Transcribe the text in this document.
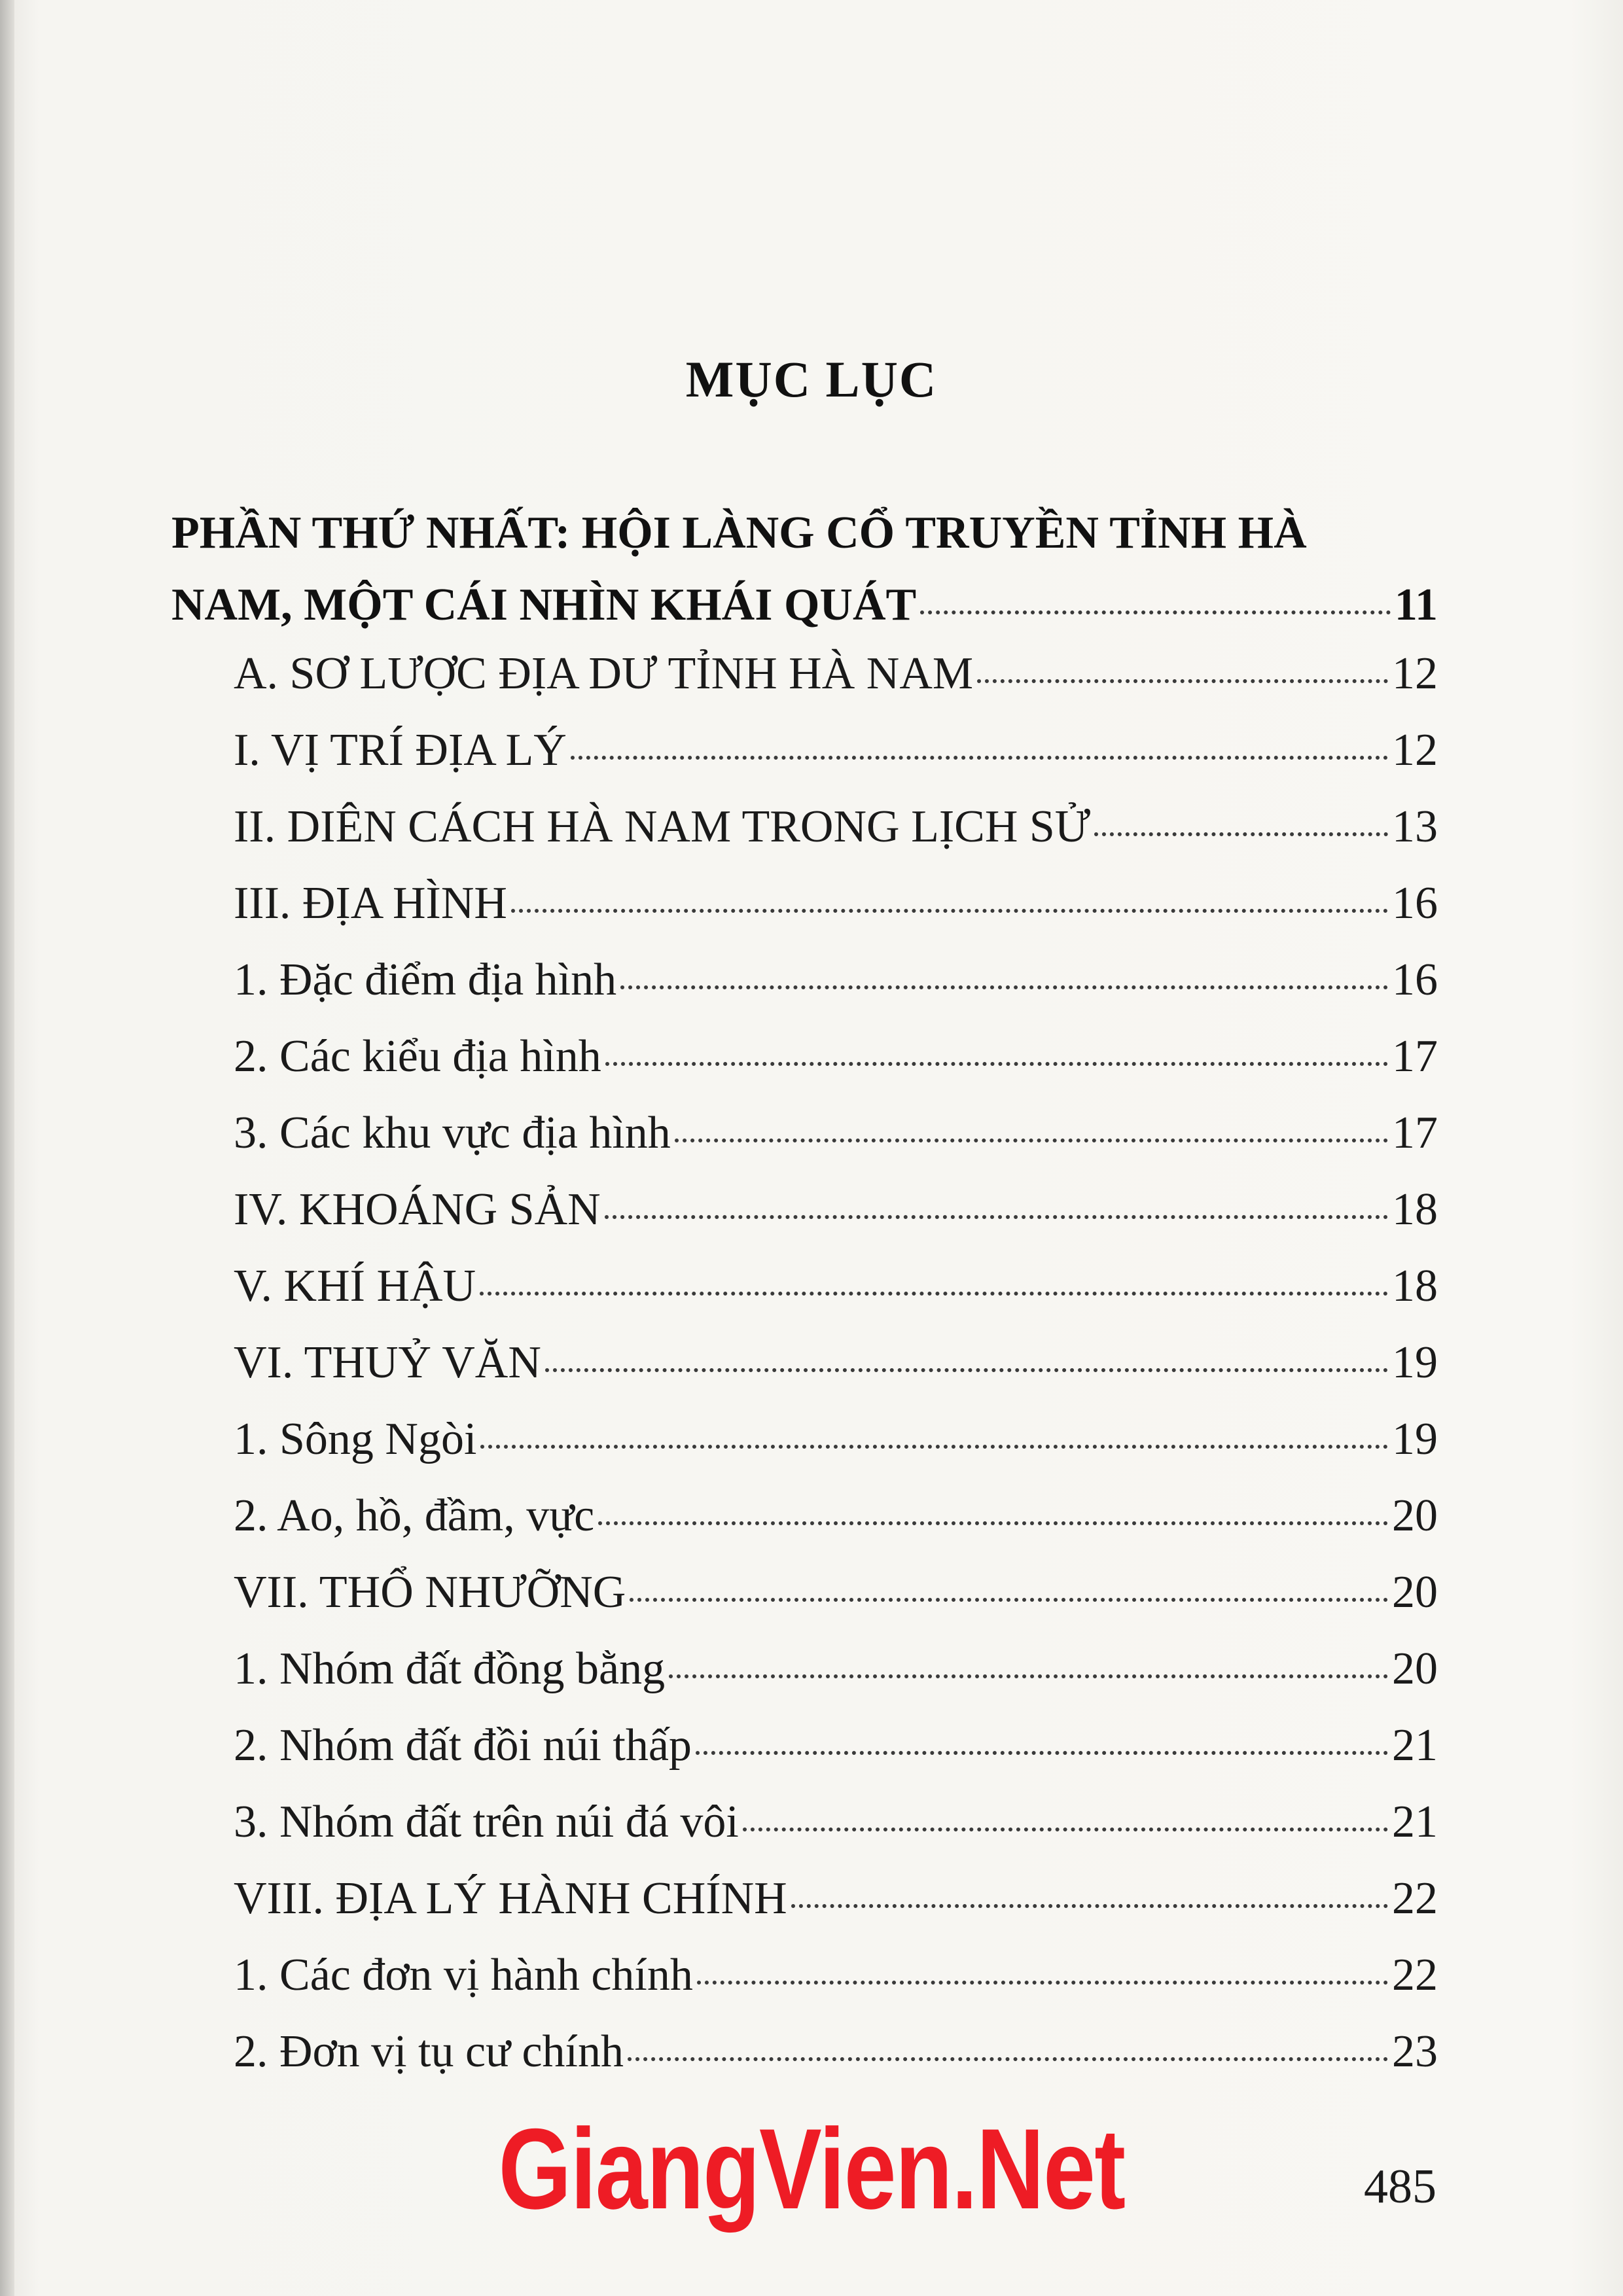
MỤC LỤC
PHẦN THỨ NHẤT: HỘI LÀNG CỔ TRUYỀN TỈNH HÀ
NAM, MỘT CÁI NHÌN KHÁI QUÁT	11
A. SƠ LƯỢC ĐỊA DƯ TỈNH HÀ NAM	12
I. VỊ TRÍ ĐỊA LÝ	12
II. DIÊN CÁCH HÀ NAM TRONG LỊCH SỬ	13
III. ĐỊA HÌNH	16
1. Đặc điểm địa hình	16
2. Các kiểu địa hình	17
3. Các khu vực địa hình	17
IV. KHOÁNG SẢN	18
V. KHÍ HẬU	18
VI. THUỶ VĂN	19
1. Sông Ngòi	19
2. Ao, hồ, đầm, vực	20
VII. THỔ NHƯỠNG	20
1. Nhóm đất đồng bằng	20
2. Nhóm đất đồi núi thấp	21
3. Nhóm đất trên núi đá vôi	21
VIII. ĐỊA LÝ HÀNH CHÍNH	22
1. Các đơn vị hành chính	22
2. Đơn vị tụ cư chính	23
GiangVien.Net	485
